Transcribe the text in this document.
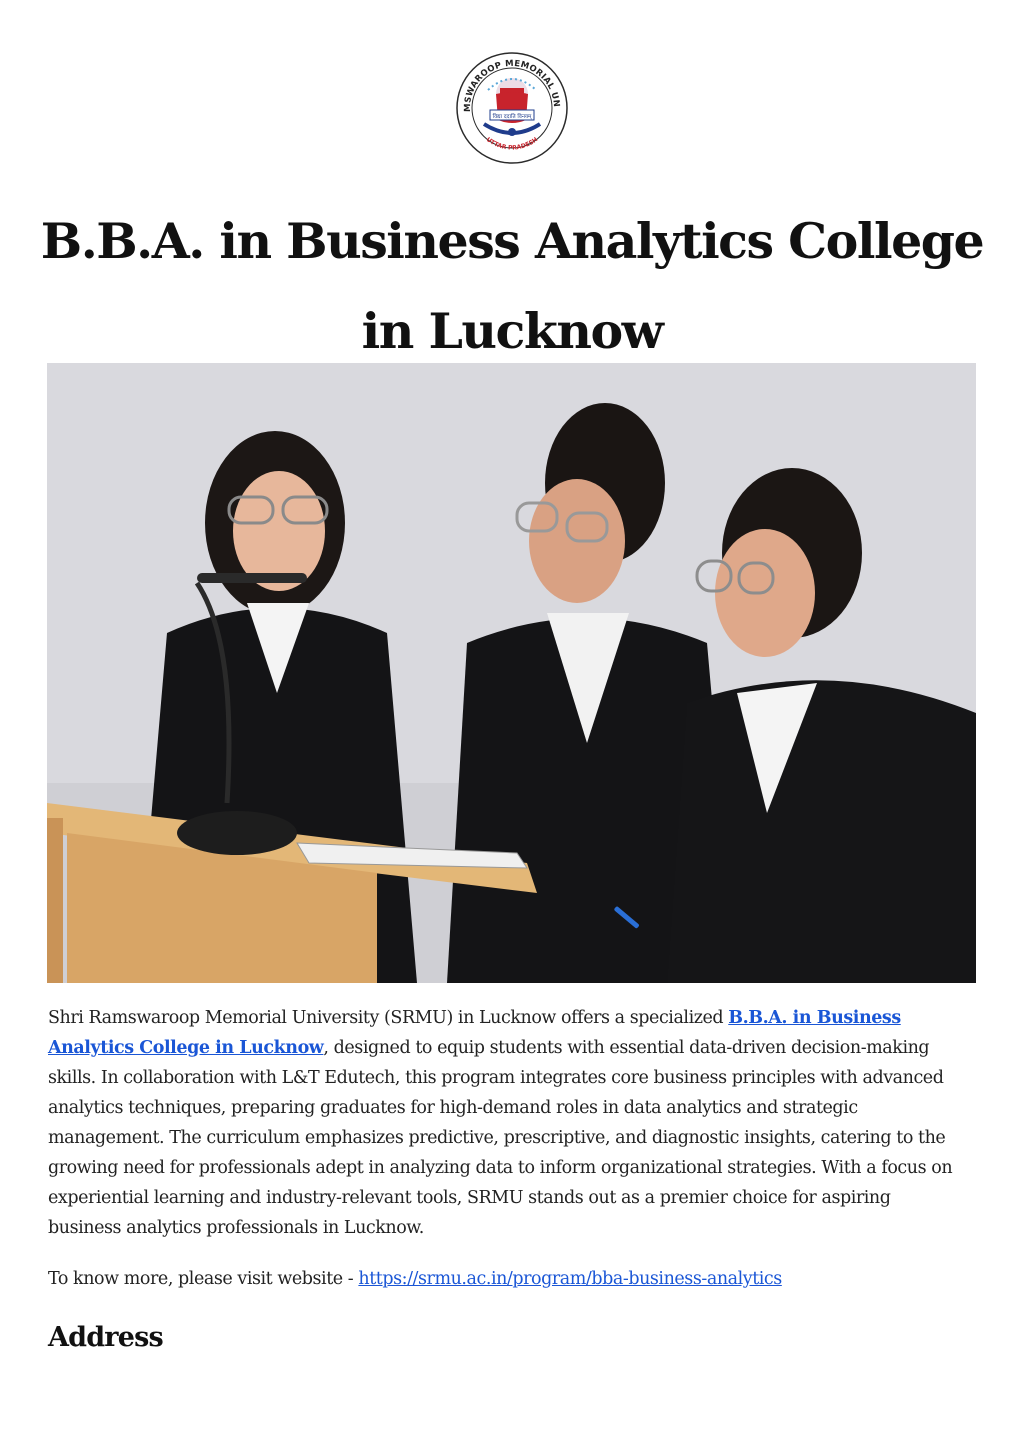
MSWAROOP MEMORIAL UN
विद्या ददाति विनयम्
UTTAR PRADESH
B.B.A. in Business Analytics College in Lucknow

Shri Ramswaroop Memorial University (SRMU) in Lucknow offers a specialized B.B.A. in Business Analytics College in Lucknow, designed to equip students with essential data-driven decision-making skills. In collaboration with L&T Edutech, this program integrates core business principles with advanced analytics techniques, preparing graduates for high-demand roles in data analytics and strategic management. The curriculum emphasizes predictive, prescriptive, and diagnostic insights, catering to the growing need for professionals adept in analyzing data to inform organizational strategies. With a focus on experiential learning and industry-relevant tools, SRMU stands out as a premier choice for aspiring business analytics professionals in Lucknow.

To know more, please visit website - https://srmu.ac.in/program/bba-business-analytics

Address
